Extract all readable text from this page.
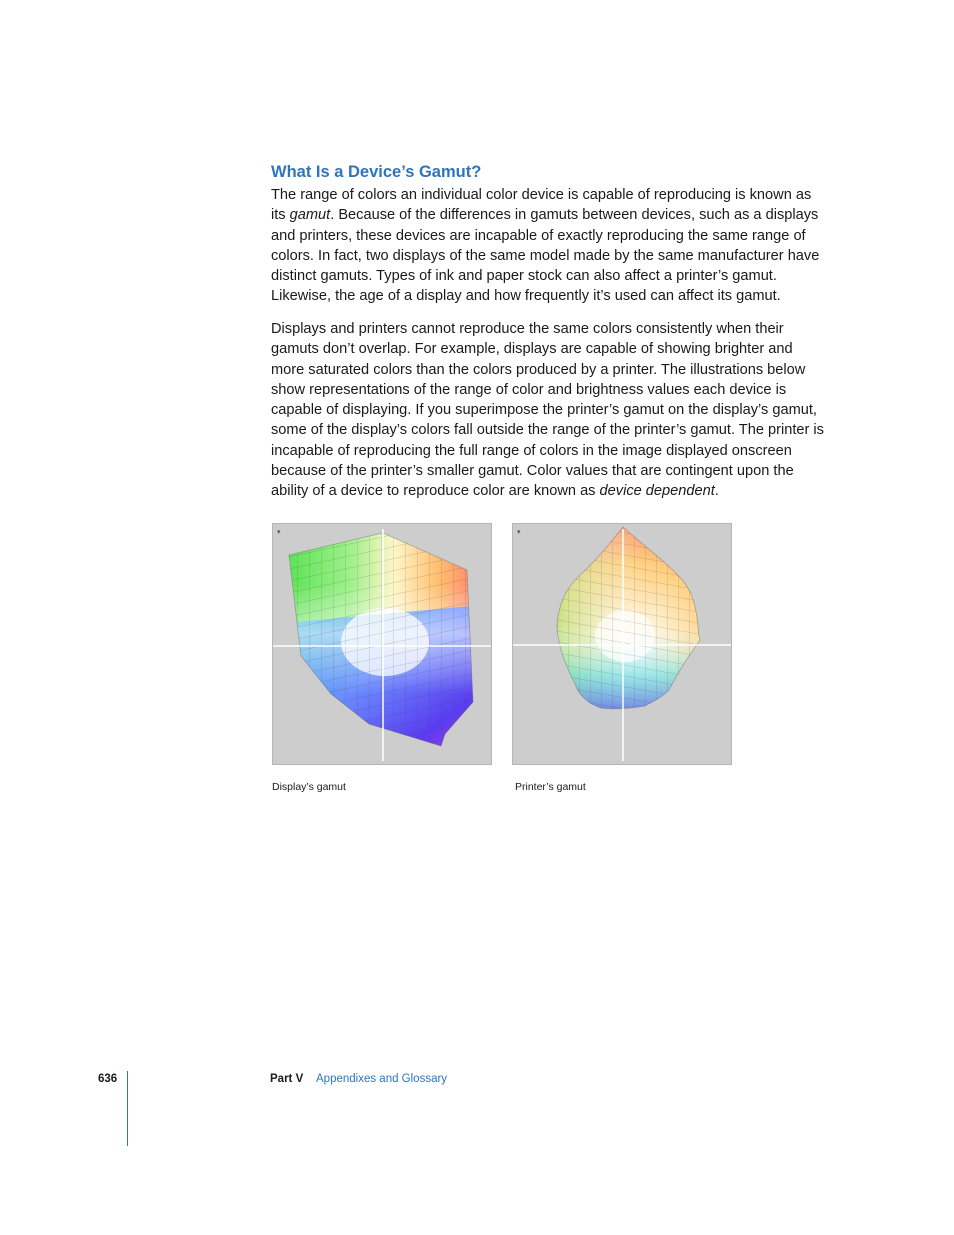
What Is a Device’s Gamut?

The range of colors an individual color device is capable of reproducing is known as its gamut. Because of the differences in gamuts between devices, such as a displays and printers, these devices are incapable of exactly reproducing the same range of colors. In fact, two displays of the same model made by the same manufacturer have distinct gamuts. Types of ink and paper stock can also affect a printer’s gamut. Likewise, the age of a display and how frequently it’s used can affect its gamut.

Displays and printers cannot reproduce the same colors consistently when their gamuts don’t overlap. For example, displays are capable of showing brighter and more saturated colors than the colors produced by a printer. The illustrations below show representations of the range of color and brightness values each device is capable of displaying. If you superimpose the printer’s gamut on the display’s gamut, some of the display’s colors fall outside the range of the printer’s gamut. The printer is incapable of reproducing the full range of colors in the image displayed onscreen because of the printer’s smaller gamut. Color values that are contingent upon the ability of a device to reproduce color are known as device dependent.

▾	▾

Display’s gamut	Printer’s gamut

636	Part V Appendixes and Glossary
